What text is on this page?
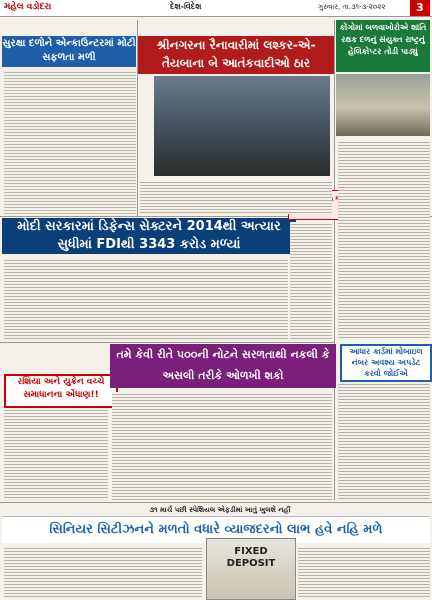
મહેલ વડોદરા	દેશ-વિદેશ	ગુરુવાર, તા.૩૧-૩-૨૦૨૨	3
સુરક્ષા દળોને એન્કાઉન્ટરમાં મોટી સફળતા મળી
શ્રીનગરના રૈનાવારીમાં લશ્કર-એ-તૈયબાના બે આતંકવાદીઓ ઠાર
કોંગોમાં બળવાખોરોએ શાંતિ રક્ષક દળનું સંયુક્ત રાષ્ટ્રનું હેલિકોપ્ટર તોડી પાડ્યું
મોદી સરકારમાં ડિફેન્સ સેક્ટરને 2014થી અત્યાર સુધીમાં FDIથી 3343 કરોડ મળ્યાં
રશિયા અને યુક્રેન વચ્ચે સમાધાનના એંધાણ!!
તમે કેવી રીતે ૫૦૦ની નોટને સરળતાથી નકલી કે અસલી તરીકે ઓળખી શકો
આધાર કાર્ડમાં મોબાઇલ નંબર અવશ્ય અપડેટ કરવો જોઈએ
૩૧ માર્ચ પછી સ્પેશિયલ એફડીમાં ખાતું ખુલશે નહીં
સિનિયર સિટીઝનને મળતો વધારે વ્યાજદરનો લાભ હવે નહિ મળે
FIXED DEPOSIT
